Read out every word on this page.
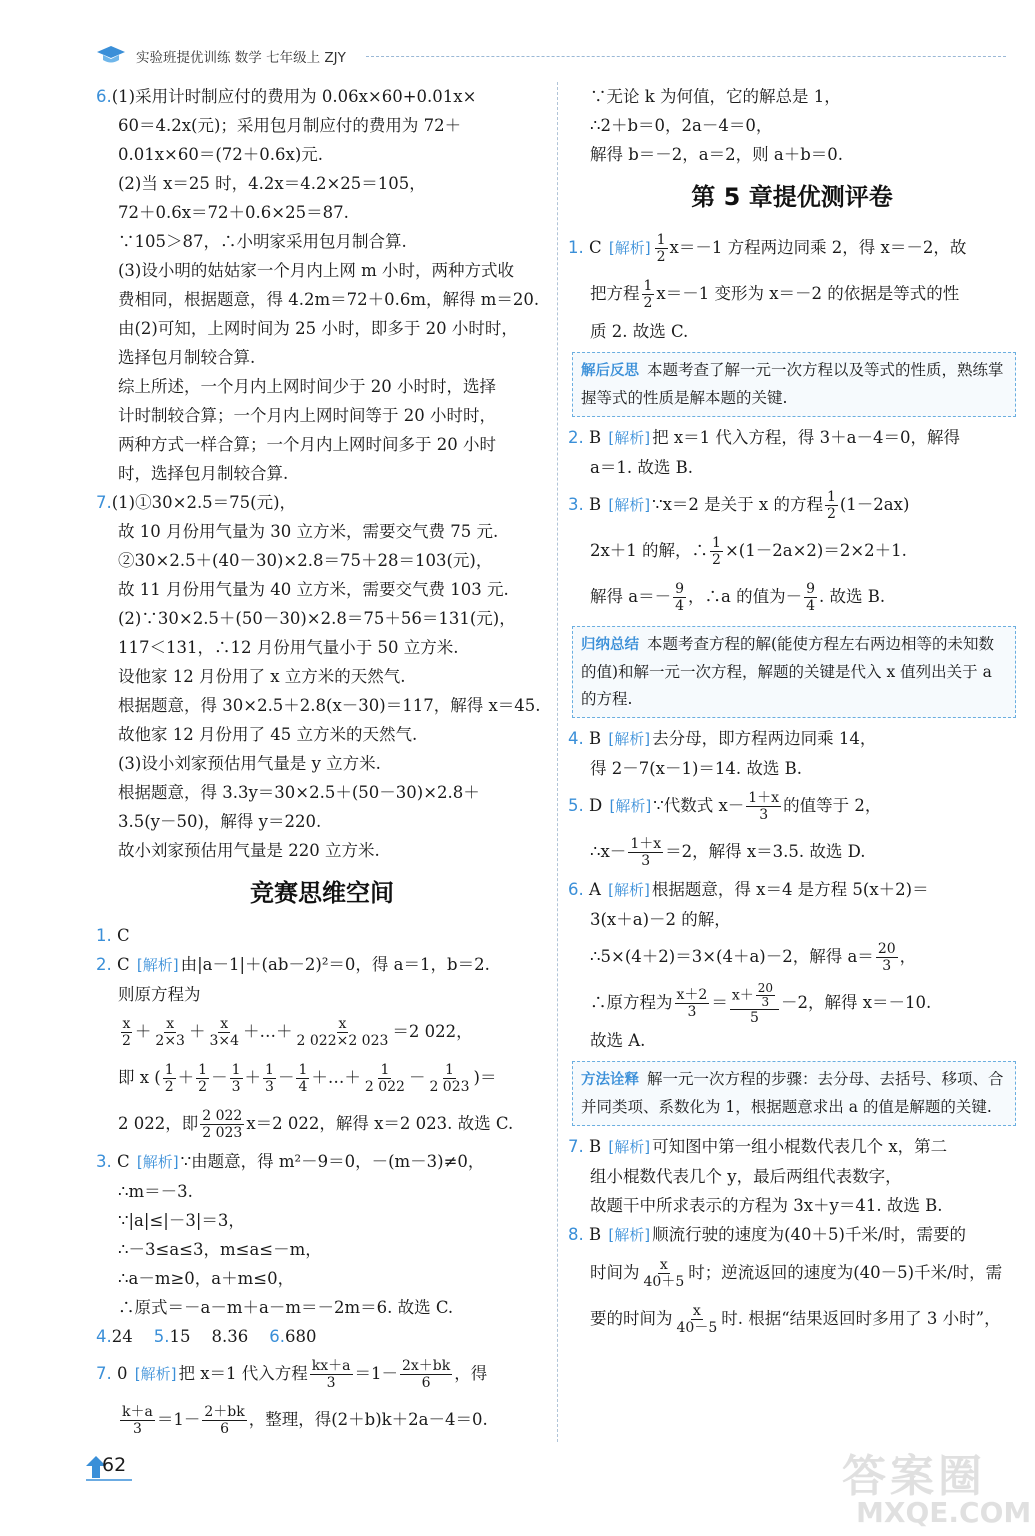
实验班提优训练 数学 七年级上 ZJY

6.(1)采用计时制应付的费用为 0.06x×60+0.01x×

60＝4.2x(元)；采用包月制应付的费用为 72＋

0.01x×60＝(72＋0.6x)元.

(2)当 x＝25 时，4.2x＝4.2×25＝105，

72＋0.6x＝72＋0.6×25＝87.

∵105＞87，∴小明家采用包月制合算.

(3)设小明的姑姑家一个月内上网 m 小时，两种方式收

费相同，根据题意，得 4.2m＝72＋0.6m，解得 m＝20.

由(2)可知，上网时间为 25 小时，即多于 20 小时时，

选择包月制较合算.

综上所述，一个月内上网时间少于 20 小时时，选择

计时制较合算；一个月内上网时间等于 20 小时时，

两种方式一样合算；一个月内上网时间多于 20 小时

时，选择包月制较合算.

7.(1)①30×2.5＝75(元)，

故 10 月份用气量为 30 立方米，需要交气费 75 元.

②30×2.5＋(40－30)×2.8＝75＋28＝103(元)，

故 11 月份用气量为 40 立方米，需要交气费 103 元.

(2)∵30×2.5＋(50－30)×2.8＝75＋56＝131(元)，

117＜131，∴12 月份用气量小于 50 立方米.

设他家 12 月份用了 x 立方米的天然气.

根据题意，得 30×2.5＋2.8(x－30)＝117，解得 x＝45.

故他家 12 月份用了 45 立方米的天然气.

(3)设小刘家预估用气量是 y 立方米.

根据题意，得 3.3y＝30×2.5＋(50－30)×2.8＋

3.5(y－50)，解得 y＝220.

故小刘家预估用气量是 220 立方米.

竞赛思维空间

1. C

2. C [解析] 由|a－1|＋(ab－2)²＝0，得 a＝1，b＝2.

则原方程为

$\frac{x}{2} + \frac{x}{2\times 3} + \frac{x}{3\times 4}$ ＋…＋ $\frac{x}{2 022\times 2 023} =2$ 022，

即 x ( $\frac{1}{2} + \frac{1}{2} - \frac{1}{3} + \frac{1}{3} - \frac{1}{4}$ ＋…＋ $\frac{1}{2 022} - \frac{1}{2 023}$ )＝

2 022，即 $\frac{2 022}{2 023} x=2$ 022，解得 x＝2 023. 故选 C.

3. C [解析] ∵由题意，得 m²－9＝0，－(m－3)≠0，

∴m＝－3.

∵|a|≤|－3|＝3，

∴－3≤a≤3，m≤a≤－m，

∴a－m≥0，a＋m≤0，

∴原式＝－a－m＋a－m＝－2m＝6. 故选 C.

4.24 5.15 8.36 6.680

7. 0 [解析] 把 x＝1 代入方程 $\frac{kx+a}{3} =1- \frac{2x+bk}{6}$ ，得

$\frac{k+a}{3} =1- \frac{2+bk}{6}$ ，整理，得(2＋b)k＋2a－4＝0.

∵无论 k 为何值，它的解总是 1，

∴2＋b＝0，2a－4＝0，

解得 b＝－2，a＝2，则 a＋b＝0.

第 5 章提优测评卷

1. C [解析] $\frac{1}{2} x=-1$ 方程两边同乘 2，得 x＝－2，故

把方程 $\frac{1}{2} x=-1$ 变形为 x＝－2 的依据是等式的性

质 2. 故选 C.

解后反思 本题考查了解一元一次方程以及等式的性质，熟练掌握等式的性质是解本题的关键.

2. B [解析] 把 x＝1 代入方程，得 3＋a－4＝0，解得

a＝1. 故选 B.

3. B [解析] ∵x＝2 是关于 x 的方程 $\frac{1}{2} (1-2ax)$

2x＋1 的解，∴ $\frac{1}{2} \times(1-2a\times 2)=2\times 2+1$.

解得 $a=- \frac{9}{4}$ ，∴a 的值为－ $\frac{9}{4}$ . 故选 B.

归纳总结 本题考查方程的解(能使方程左右两边相等的未知数的值)和解一元一次方程，解题的关键是代入 x 值列出关于 a 的方程.

4. B [解析] 去分母，即方程两边同乘 14，

得 2－7(x－1)＝14. 故选 B.

5. D [解析] ∵代数式 $x- \frac{1+x}{3}$ 的值等于 2，

∴x－ $\frac{1+x}{3} =2$，解得 x＝3.5. 故选 D.

6. A [解析] 根据题意，得 x＝4 是方程 5(x＋2)＝

3(x＋a)－2 的解，

∴5×(4＋2)＝3×(4＋a)－2，解得 $a= \frac{20}{3}$ ，

∴原方程为 $\frac{x+2}{3} = \frac{x+ \frac{20}{3}}{5} -2$，解得 x＝－10.

故选 A.

方法诠释 解一元一次方程的步骤：去分母、去括号、移项、合并同类项、系数化为 1，根据题意求出 a 的值是解题的关键.

7. B [解析] 可知图中第一组小棍数代表几个 x，第二

组小棍数代表几个 y，最后两组代表数字，

故题干中所求表示的方程为 3x＋y＝41. 故选 B.

8. B [解析] 顺流行驶的速度为(40＋5)千米/时，需要的

时间为 $\frac{x}{40+5}$ 时；逆流返回的速度为(40－5)千米/时，需

要的时间为 $\frac{x}{40-5}$ 时. 根据“结果返回时多用了 3 小时”，

62	答案圈
MXQE.COM
